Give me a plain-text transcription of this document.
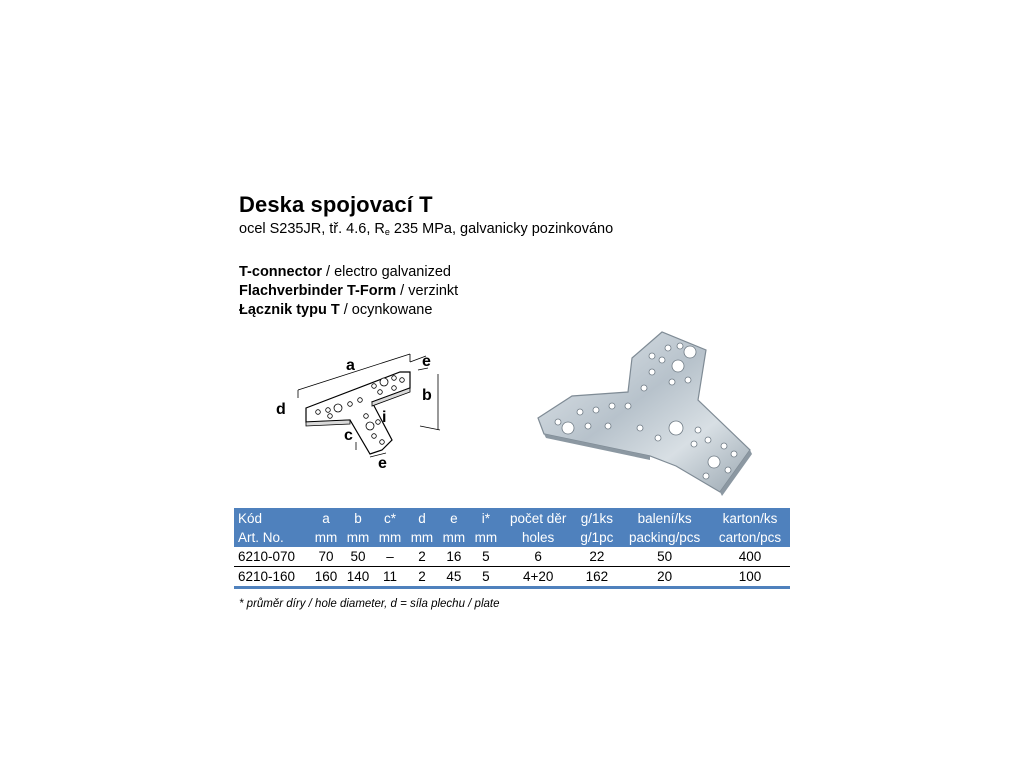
Deska spojovací T
ocel S235JR, tř. 4.6, $R_e$ 235 MPa, galvanicky pozinkováno
T-connector / electro galvanized
Flachverbinder T-Form / verzinkt
Łącznik typu T / ocynkowane
a	e
b
d	i
c
e
Kód	a	b	c*	d	e	i*	počet děr	g/1ks	balení/ks	karton/ks
Art. No.	mm	mm	mm	mm	mm	mm	holes	g/1pc	packing/pcs	carton/pcs
6210-070	70	50	–	2	16	5	6	22	50	400
6210-160	160	140	11	2	45	5	4+20	162	20	100
* průměr díry / hole diameter, d = síla plechu / plate
